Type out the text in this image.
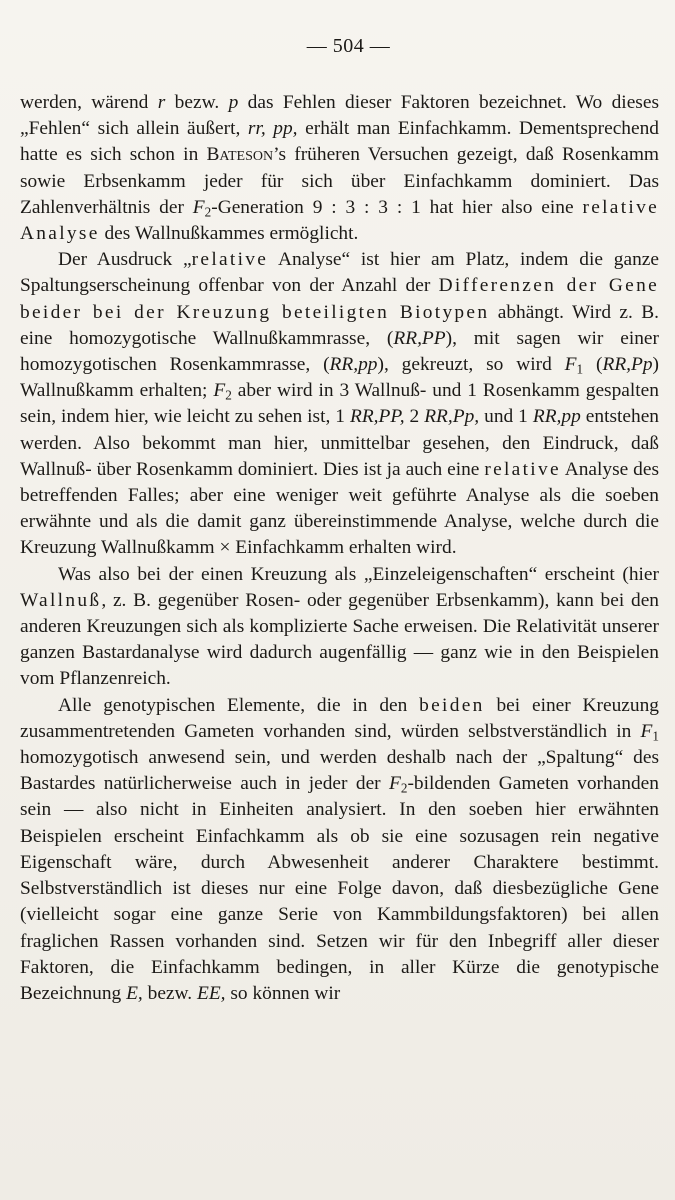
— 504 —

werden, wärend r bezw. p das Fehlen dieser Faktoren bezeichnet. Wo dieses „Fehlen“ sich allein äußert, rr, pp, erhält man Einfachkamm. Dementsprechend hatte es sich schon in Bateson’s früheren Versuchen gezeigt, daß Rosenkamm sowie Erbsenkamm jeder für sich über Einfachkamm dominiert. Das Zahlenverhältnis der $F_2$-Generation 9 : 3 : 3 : 1 hat hier also eine relative Analyse des Wallnußkammes ermöglicht.

Der Ausdruck „relative Analyse“ ist hier am Platz, indem die ganze Spaltungserscheinung offenbar von der Anzahl der Differenzen der Gene beider bei der Kreuzung beteiligten Biotypen abhängt. Wird z. B. eine homozygotische Wallnußkammrasse, (RR,PP), mit sagen wir einer homozygotischen Rosenkammrasse, (RR,pp), gekreuzt, so wird $F_1$ (RR,Pp) Wallnußkamm erhalten; $F_2$ aber wird in 3 Wallnuß- und 1 Rosenkamm gespalten sein, indem hier, wie leicht zu sehen ist, 1 RR,PP, 2 RR,Pp, und 1 RR,pp entstehen werden. Also bekommt man hier, unmittelbar gesehen, den Eindruck, daß Wallnuß- über Rosenkamm dominiert. Dies ist ja auch eine relative Analyse des betreffenden Falles; aber eine weniger weit geführte Analyse als die soeben erwähnte und als die damit ganz übereinstimmende Analyse, welche durch die Kreuzung Wallnußkamm × Einfachkamm erhalten wird.

Was also bei der einen Kreuzung als „Einzeleigenschaften“ erscheint (hier Wallnuß, z. B. gegenüber Rosen- oder gegenüber Erbsenkamm), kann bei den anderen Kreuzungen sich als komplizierte Sache erweisen. Die Relativität unserer ganzen Bastardanalyse wird dadurch augenfällig — ganz wie in den Beispielen vom Pflanzenreich.

Alle genotypischen Elemente, die in den beiden bei einer Kreuzung zusammentretenden Gameten vorhanden sind, würden selbstverständlich in $F_1$ homozygotisch anwesend sein, und werden deshalb nach der „Spaltung“ des Bastardes natürlicherweise auch in jeder der $F_2$-bildenden Gameten vorhanden sein — also nicht in Einheiten analysiert. In den soeben hier erwähnten Beispielen erscheint Einfachkamm als ob sie eine sozusagen rein negative Eigenschaft wäre, durch Abwesenheit anderer Charaktere bestimmt. Selbstverständlich ist dieses nur eine Folge davon, daß diesbezügliche Gene (vielleicht sogar eine ganze Serie von Kammbildungsfaktoren) bei allen fraglichen Rassen vorhanden sind. Setzen wir für den Inbegriff aller dieser Faktoren, die Einfachkamm bedingen, in aller Kürze die genotypische Bezeichnung E, bezw. EE, so können wir
